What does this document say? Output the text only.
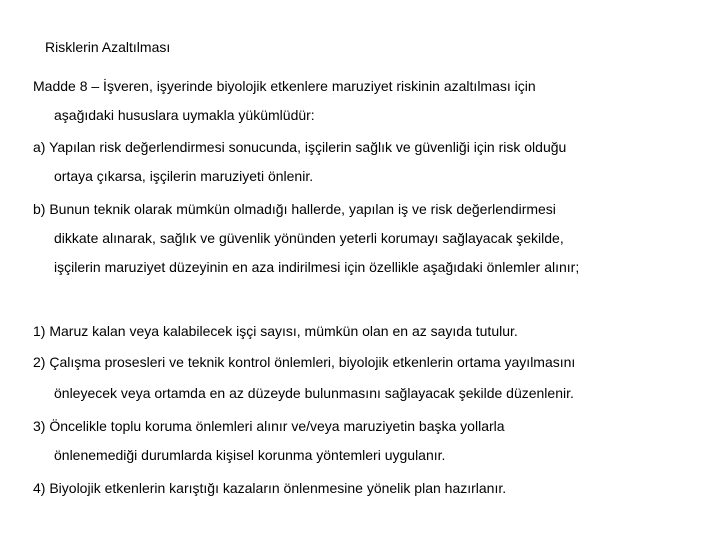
Risklerin Azaltılması
Madde 8 – İşveren, işyerinde biyolojik etkenlere maruziyet riskinin azaltılması için
aşağıdaki hususlara uymakla yükümlüdür:
a) Yapılan risk değerlendirmesi sonucunda, işçilerin sağlık ve güvenliği için risk olduğu
ortaya çıkarsa, işçilerin maruziyeti önlenir.
b) Bunun teknik olarak mümkün olmadığı hallerde, yapılan iş ve risk değerlendirmesi
dikkate alınarak, sağlık ve güvenlik yönünden yeterli korumayı sağlayacak şekilde,
işçilerin maruziyet düzeyinin en aza indirilmesi için özellikle aşağıdaki önlemler alınır;
1) Maruz kalan veya kalabilecek işçi sayısı, mümkün olan en az sayıda tutulur.
2) Çalışma prosesleri ve teknik kontrol önlemleri, biyolojik etkenlerin ortama yayılmasını
önleyecek veya ortamda en az düzeyde bulunmasını sağlayacak şekilde düzenlenir.
3) Öncelikle toplu koruma önlemleri alınır ve/veya maruziyetin başka yollarla
önlenemediği durumlarda kişisel korunma yöntemleri uygulanır.
4) Biyolojik etkenlerin karıştığı kazaların önlenmesine yönelik plan hazırlanır.
